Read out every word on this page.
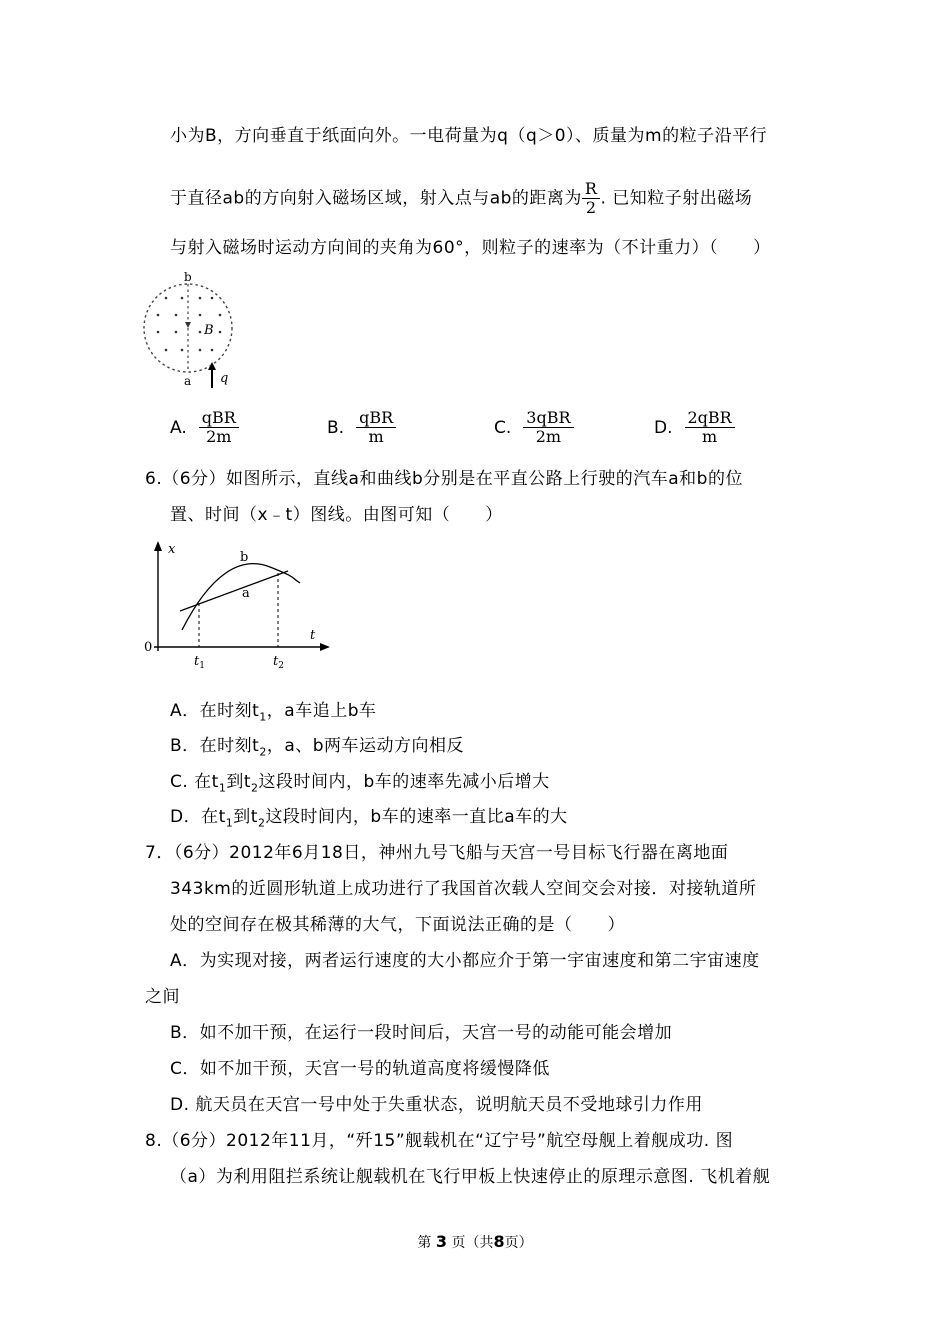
小为B，方向垂直于纸面向外。一电荷量为q（q＞0）、质量为m的粒子沿平行
于直径ab的方向射入磁场区域，射入点与ab的距离为 $\frac{R}{2}$ . 已知粒子射出磁场
与射入磁场时运动方向间的夹角为60°，则粒子的速率为（不计重力）（　　）
b
a
B
q
A. $\frac{\text{qBR}}{2m}$	B. $\frac{\text{qBR}}{m}$	C. $\frac{\text{3qBR}}{2m}$	D. $\frac{\text{2qBR}}{m}$
6.（6分）如图所示，直线a和曲线b分别是在平直公路上行驶的汽车a和b的位
置、时间（x﹣t）图线。由图可知（　　）
x
t
0
b
a
$t_1$	$t_2$
A．在时刻$t_1$，a车追上b车
B．在时刻$t_2$，a、b两车运动方向相反
C. 在$t_1$到$t_2$这段时间内，b车的速率先减小后增大
D．在$t_1$到$t_2$这段时间内，b车的速率一直比a车的大
7．（6分）2012年6月18日，神州九号飞船与天宫一号目标飞行器在离地面
343km的近圆形轨道上成功进行了我国首次载人空间交会对接．对接轨道所
处的空间存在极其稀薄的大气，下面说法正确的是（　　）
A．为实现对接，两者运行速度的大小都应介于第一宇宙速度和第二宇宙速度
之间
B．如不加干预，在运行一段时间后，天宫一号的动能可能会增加
C．如不加干预，天宫一号的轨道高度将缓慢降低
D. 航天员在天宫一号中处于失重状态，说明航天员不受地球引力作用
8.（6分）2012年11月，“歼15”舰载机在“辽宁号”航空母舰上着舰成功. 图
（a）为利用阻拦系统让舰载机在飞行甲板上快速停止的原理示意图. 飞机着舰
第 3 页（共8页）
